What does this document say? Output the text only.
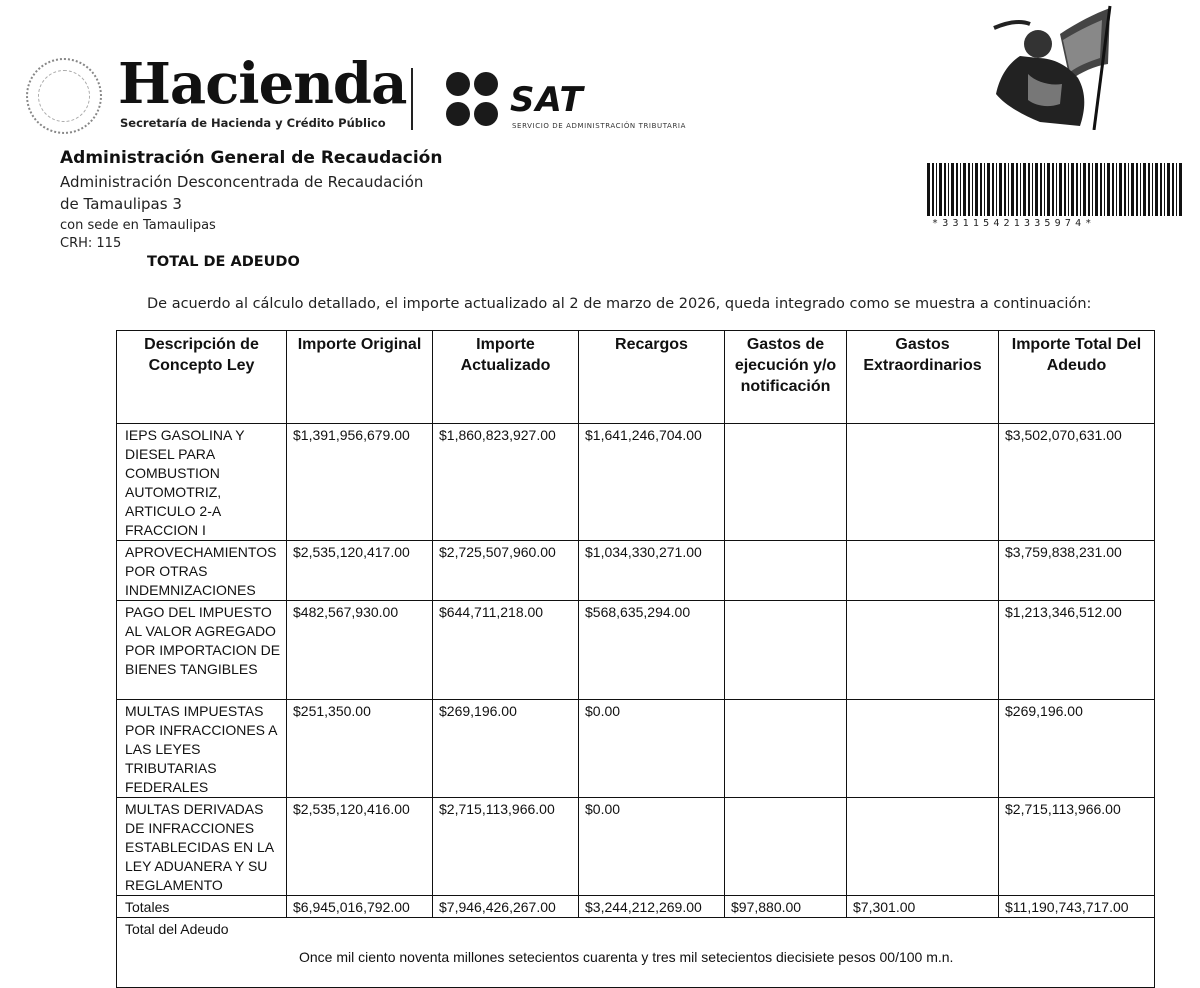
Hacienda
Secretaría de Hacienda y Crédito Público
SAT
SERVICIO DE ADMINISTRACIÓN TRIBUTARIA
Administración General de Recaudación
Administración Desconcentrada de Recaudación
de Tamaulipas 3
con sede en Tamaulipas
CRH: 115
*33115421335974*
TOTAL DE ADEUDO
De acuerdo al cálculo detallado, el importe actualizado al 2 de marzo de 2026, queda integrado como se muestra a continuación:
Descripción de Concepto Ley	Importe Original	Importe Actualizado	Recargos	Gastos de ejecución y/o notificación	Gastos Extraordinarios	Importe Total Del Adeudo
IEPS GASOLINA Y DIESEL PARA COMBUSTION AUTOMOTRIZ, ARTICULO 2-A FRACCION I	$1,391,956,679.00	$1,860,823,927.00	$1,641,246,704.00			$3,502,070,631.00
APROVECHAMIENTOS POR OTRAS INDEMNIZACIONES	$2,535,120,417.00	$2,725,507,960.00	$1,034,330,271.00			$3,759,838,231.00
PAGO DEL IMPUESTO AL VALOR AGREGADO POR IMPORTACION DE BIENES TANGIBLES	$482,567,930.00	$644,711,218.00	$568,635,294.00			$1,213,346,512.00
MULTAS IMPUESTAS POR INFRACCIONES A LAS LEYES TRIBUTARIAS FEDERALES	$251,350.00	$269,196.00	$0.00			$269,196.00
MULTAS DERIVADAS DE INFRACCIONES ESTABLECIDAS EN LA LEY ADUANERA Y SU REGLAMENTO	$2,535,120,416.00	$2,715,113,966.00	$0.00			$2,715,113,966.00
Totales	$6,945,016,792.00	$7,946,426,267.00	$3,244,212,269.00	$97,880.00	$7,301.00	$11,190,743,717.00
Total del Adeudo
Once mil ciento noventa millones setecientos cuarenta y tres mil setecientos diecisiete pesos 00/100 m.n.						
